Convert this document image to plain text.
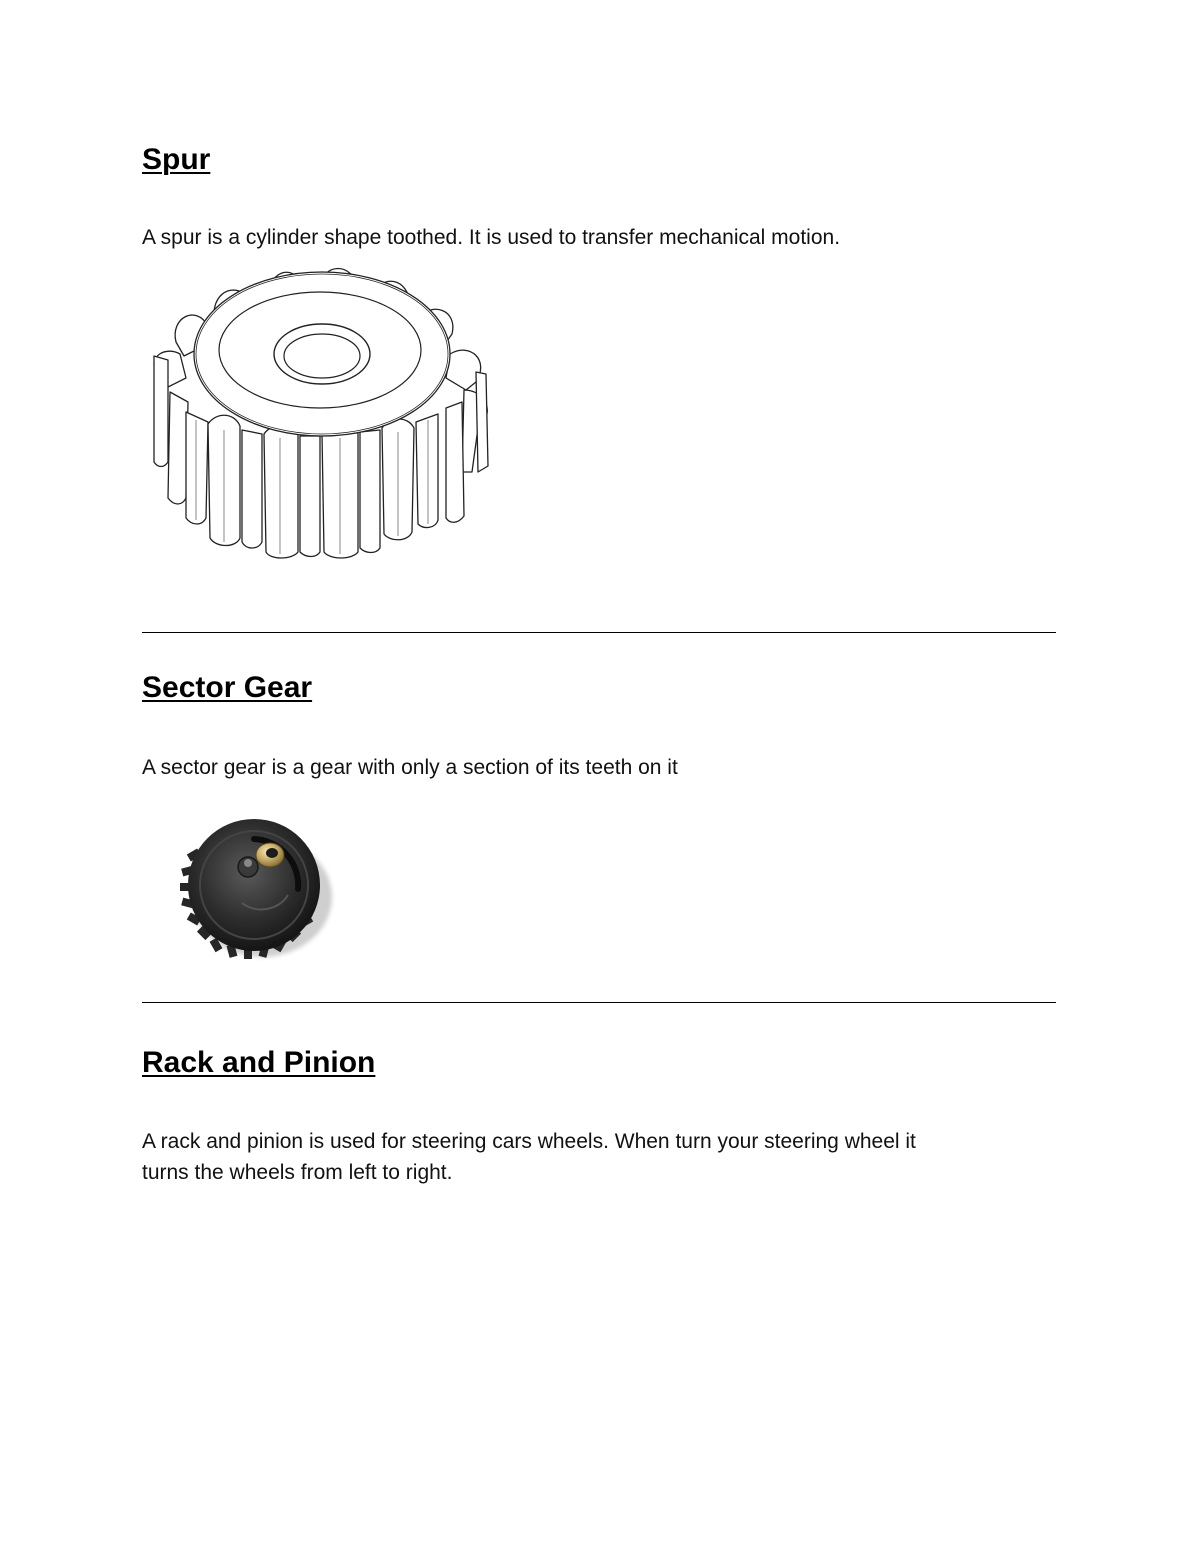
Spur

A spur is a cylinder shape toothed. It is used to transfer mechanical motion.

Sector Gear

A sector gear is a gear with only a section of its teeth on it

Rack and Pinion

A rack and pinion is used for steering cars wheels. When turn your steering wheel it
turns the wheels from left to right.
